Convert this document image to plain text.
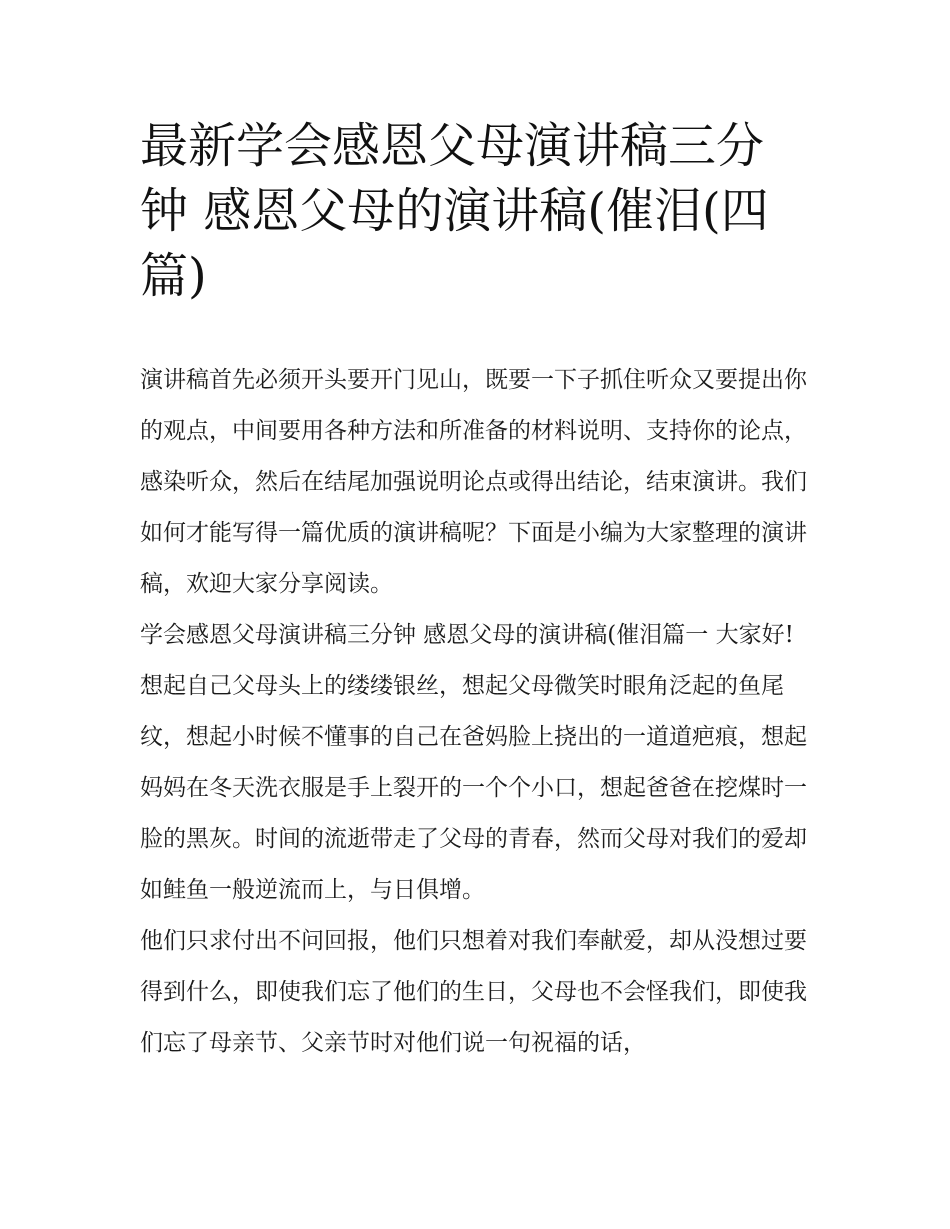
最新学会感恩父母演讲稿三分钟 感恩父母的演讲稿(催泪(四篇)

演讲稿首先必须开头要开门见山，既要一下子抓住听众又要提出你的观点，中间要用各种方法和所准备的材料说明、支持你的论点，感染听众，然后在结尾加强说明论点或得出结论，结束演讲。我们如何才能写得一篇优质的演讲稿呢？下面是小编为大家整理的演讲稿，欢迎大家分享阅读。

学会感恩父母演讲稿三分钟 感恩父母的演讲稿(催泪篇一 大家好!

想起自己父母头上的缕缕银丝，想起父母微笑时眼角泛起的鱼尾纹，想起小时候不懂事的自己在爸妈脸上挠出的一道道疤痕，想起妈妈在冬天洗衣服是手上裂开的一个个小口，想起爸爸在挖煤时一脸的黑灰。时间的流逝带走了父母的青春，然而父母对我们的爱却如鲑鱼一般逆流而上，与日俱增。

他们只求付出不问回报，他们只想着对我们奉献爱，却从没想过要得到什么，即使我们忘了他们的生日，父母也不会怪我们，即使我们忘了母亲节、父亲节时对他们说一句祝福的话，
